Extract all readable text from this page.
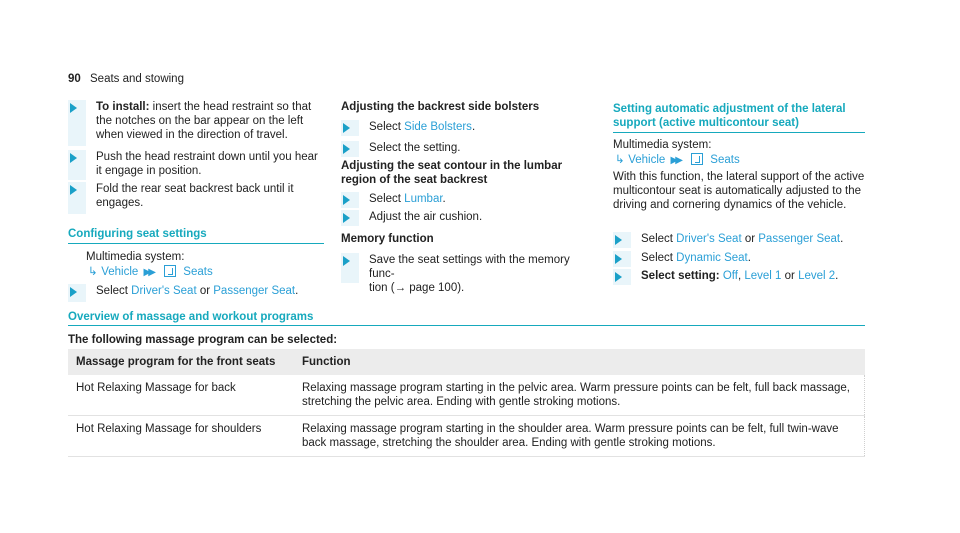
90 Seats and stowing
To install: insert the head restraint so that the notches on the bar appear on the left when viewed in the direction of travel.
Push the head restraint down until you hear it engage in position.
Fold the rear seat backrest back until it engages.
Configuring seat settings
Multimedia system:
↳ Vehicle ▶▶	Seats
Select Driver's Seat or Passenger Seat.
Adjusting the backrest side bolsters
Select Side Bolsters.
Select the setting.
Adjusting the seat contour in the lumbar
region of the seat backrest
Select Lumbar.
Adjust the air cushion.
Memory function
Save the seat settings with the memory func-
tion (→ page 100).
Setting automatic adjustment of the lateral
support (active multicontour seat)
Multimedia system:
↳ Vehicle ▶▶	Seats
With this function, the lateral support of the active multicontour seat is automatically adjusted to the driving and cornering dynamics of the vehicle.
Select Driver's Seat or Passenger Seat.
Select Dynamic Seat.
Select setting: Off, Level 1 or Level 2.
Overview of massage and workout programs
The following massage program can be selected:
Massage program for the front seats	Function
Hot Relaxing Massage for back	Relaxing massage program starting in the pelvic area. Warm pressure points can be felt, full back massage, stretching the pelvic area. Ending with gentle stroking motions.
Hot Relaxing Massage for shoulders	Relaxing massage program starting in the shoulder area. Warm pressure points can be felt, full twin-wave back massage, stretching the shoulder area. Ending with gentle stroking motions.
